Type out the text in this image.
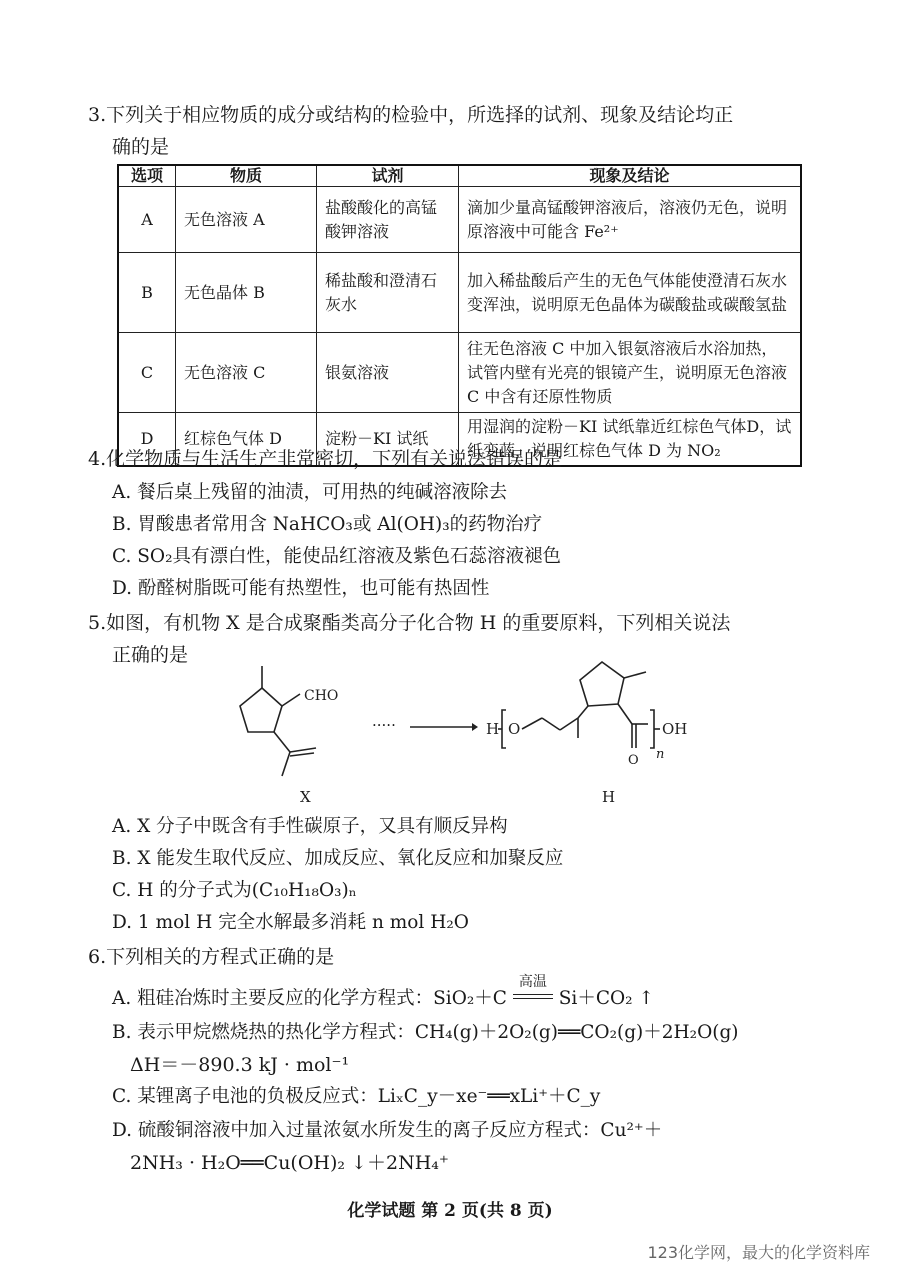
3.下列关于相应物质的成分或结构的检验中，所选择的试剂、现象及结论均正
确的是
选项	物质	试剂	现象及结论
A	无色溶液 A	盐酸酸化的高锰酸钾溶液	滴加少量高锰酸钾溶液后，溶液仍无色，说明原溶液中可能含 Fe²⁺
B	无色晶体 B	稀盐酸和澄清石灰水	加入稀盐酸后产生的无色气体能使澄清石灰水变浑浊，说明原无色晶体为碳酸盐或碳酸氢盐
C	无色溶液 C	银氨溶液	往无色溶液 C 中加入银氨溶液后水浴加热，试管内壁有光亮的银镜产生，说明原无色溶液 C 中含有还原性物质
D	红棕色气体 D	淀粉－KI 试纸	用湿润的淀粉－KI 试纸靠近红棕色气体D，试纸变蓝，说明红棕色气体 D 为 NO₂
4.化学物质与生活生产非常密切，下列有关说法错误的是
A. 餐后桌上残留的油渍，可用热的纯碱溶液除去
B. 胃酸患者常用含 NaHCO₃或 Al(OH)₃的药物治疗
C. SO₂具有漂白性，能使品红溶液及紫色石蕊溶液褪色
D. 酚醛树脂既可能有热塑性，也可能有热固性
5.如图，有机物 X 是合成聚酯类高分子化合物 H 的重要原料，下列相关说法
正确的是
CHO
·····	H O
O n
OH
X	H
A. X 分子中既含有手性碳原子，又具有顺反异构
B. X 能发生取代反应、加成反应、氧化反应和加聚反应
C. H 的分子式为(C₁₀H₁₈O₃)ₙ
D. 1 mol H 完全水解最多消耗 n mol H₂O
6.下列相关的方程式正确的是
A. 粗硅冶炼时主要反应的化学方程式：SiO₂＋C
高温
Si＋CO₂ ↑
B. 表示甲烷燃烧热的热化学方程式：CH₄(g)＋2O₂(g)══CO₂(g)＋2H₂O(g)
ΔH＝－890.3 kJ · mol⁻¹
C. 某锂离子电池的负极反应式：LiₓC_y－xe⁻══xLi⁺＋C_y
D. 硫酸铜溶液中加入过量浓氨水所发生的离子反应方程式：Cu²⁺＋
2NH₃ · H₂O══Cu(OH)₂ ↓＋2NH₄⁺
化学试题 第 2 页(共 8 页)
123化学网，最大的化学资料库
